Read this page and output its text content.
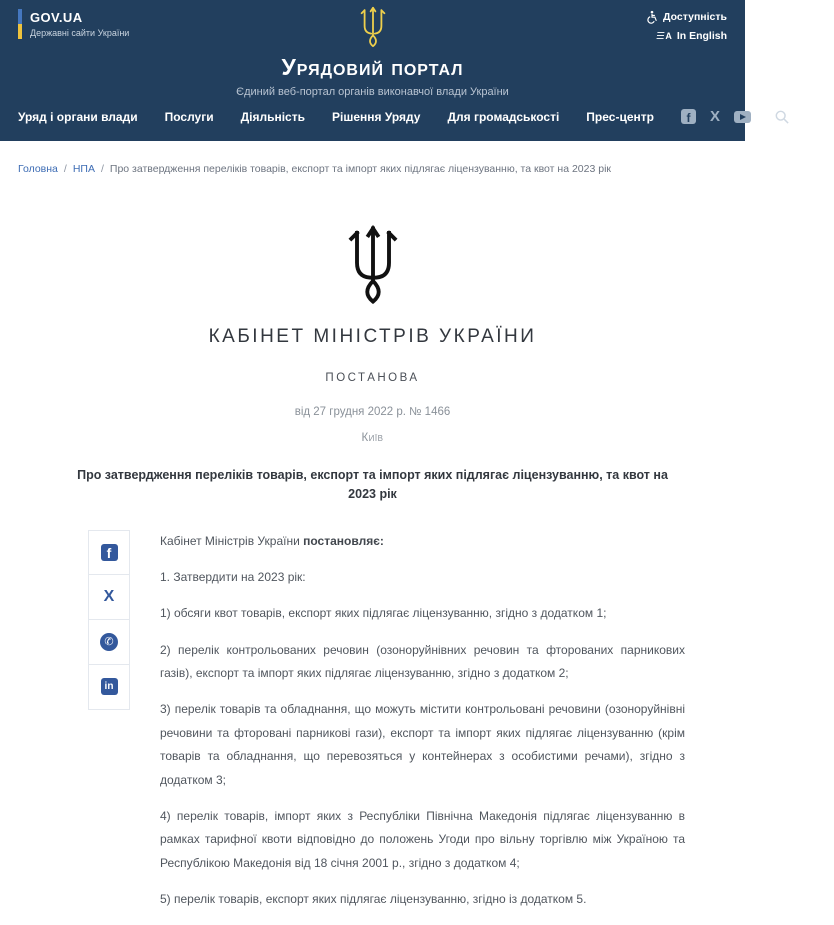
GOV.UA
Державні сайти України
Доступність
A In English
Урядовий портал
Єдиний веб-портал органів виконавчої влади України
Уряд і органи влади Послуги Діяльність Рішення Уряду Для громадськості Прес-центр	f	X	Пошук
Головна / НПА / Про затвердження переліків товарів, експорт та імпорт яких підлягає ліцензуванню, та квот на 2023 рік
КАБІНЕТ МІНІСТРІВ УКРАЇНИ
ПОСТАНОВА
від 27 грудня 2022 р. № 1466
Київ
Про затвердження переліків товарів, експорт та імпорт яких підлягає ліцензуванню, та квот на 2023 рік
f
X
✆
in

Кабінет Міністрів України постановляє:

1. Затвердити на 2023 рік:

1) обсяги квот товарів, експорт яких підлягає ліцензуванню, згідно з додатком 1;

2) перелік контрольованих речовин (озоноруйнівних речовин та фторованих парникових газів), експорт та імпорт яких підлягає ліцензуванню, згідно з додатком 2;

3) перелік товарів та обладнання, що можуть містити контрольовані речовини (озоноруйнівні речовини та фторовані парникові гази), експорт та імпорт яких підлягає ліцензуванню (крім товарів та обладнання, що перевозяться у контейнерах з особистими речами), згідно з додатком 3;

4) перелік товарів, імпорт яких з Республіки Північна Македонія підлягає ліцензуванню в рамках тарифної квоти відповідно до положень Угоди про вільну торгівлю між Україною та Республікою Македонія від 18 січня 2001 р., згідно з додатком 4;

5) перелік товарів, експорт яких підлягає ліцензуванню, згідно із додатком 5.
